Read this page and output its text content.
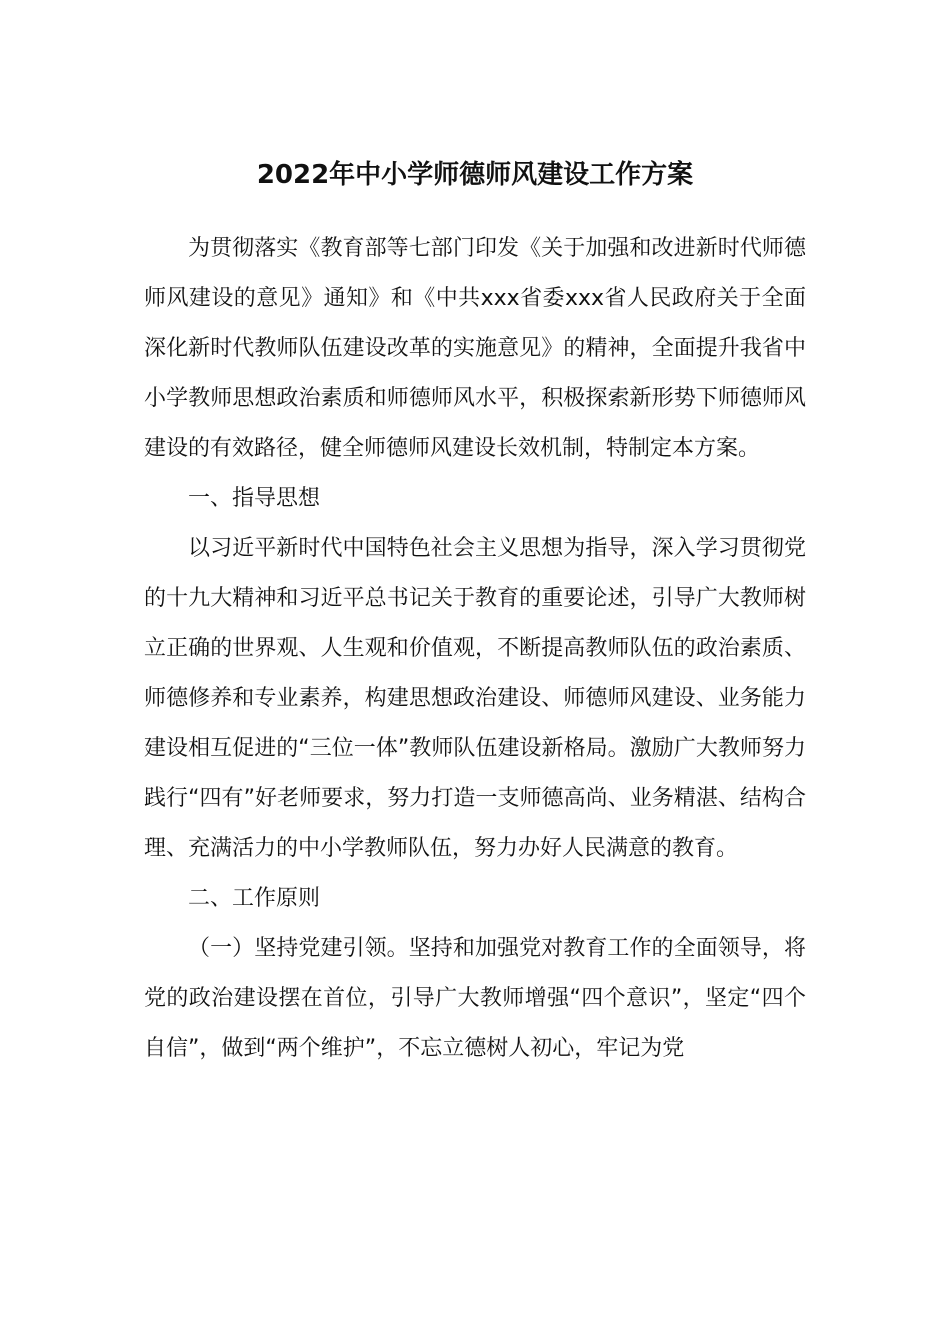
2022年中小学师德师风建设工作方案

为贯彻落实《教育部等七部门印发《关于加强和改进新时代师德师风建设的意见》通知》和《中共xxx省委xxx省人民政府关于全面深化新时代教师队伍建设改革的实施意见》的精神，全面提升我省中小学教师思想政治素质和师德师风水平，积极探索新形势下师德师风建设的有效路径，健全师德师风建设长效机制，特制定本方案。

一、指导思想

以习近平新时代中国特色社会主义思想为指导，深入学习贯彻党的十九大精神和习近平总书记关于教育的重要论述，引导广大教师树立正确的世界观、人生观和价值观，不断提高教师队伍的政治素质、师德修养和专业素养，构建思想政治建设、师德师风建设、业务能力建设相互促进的“三位一体”教师队伍建设新格局。激励广大教师努力践行“四有”好老师要求，努力打造一支师德高尚、业务精湛、结构合理、充满活力的中小学教师队伍，努力办好人民满意的教育。

二、工作原则

（一）坚持党建引领。坚持和加强党对教育工作的全面领导，将党的政治建设摆在首位，引导广大教师增强“四个意识”，坚定“四个自信”，做到“两个维护”，不忘立德树人初心，牢记为党
